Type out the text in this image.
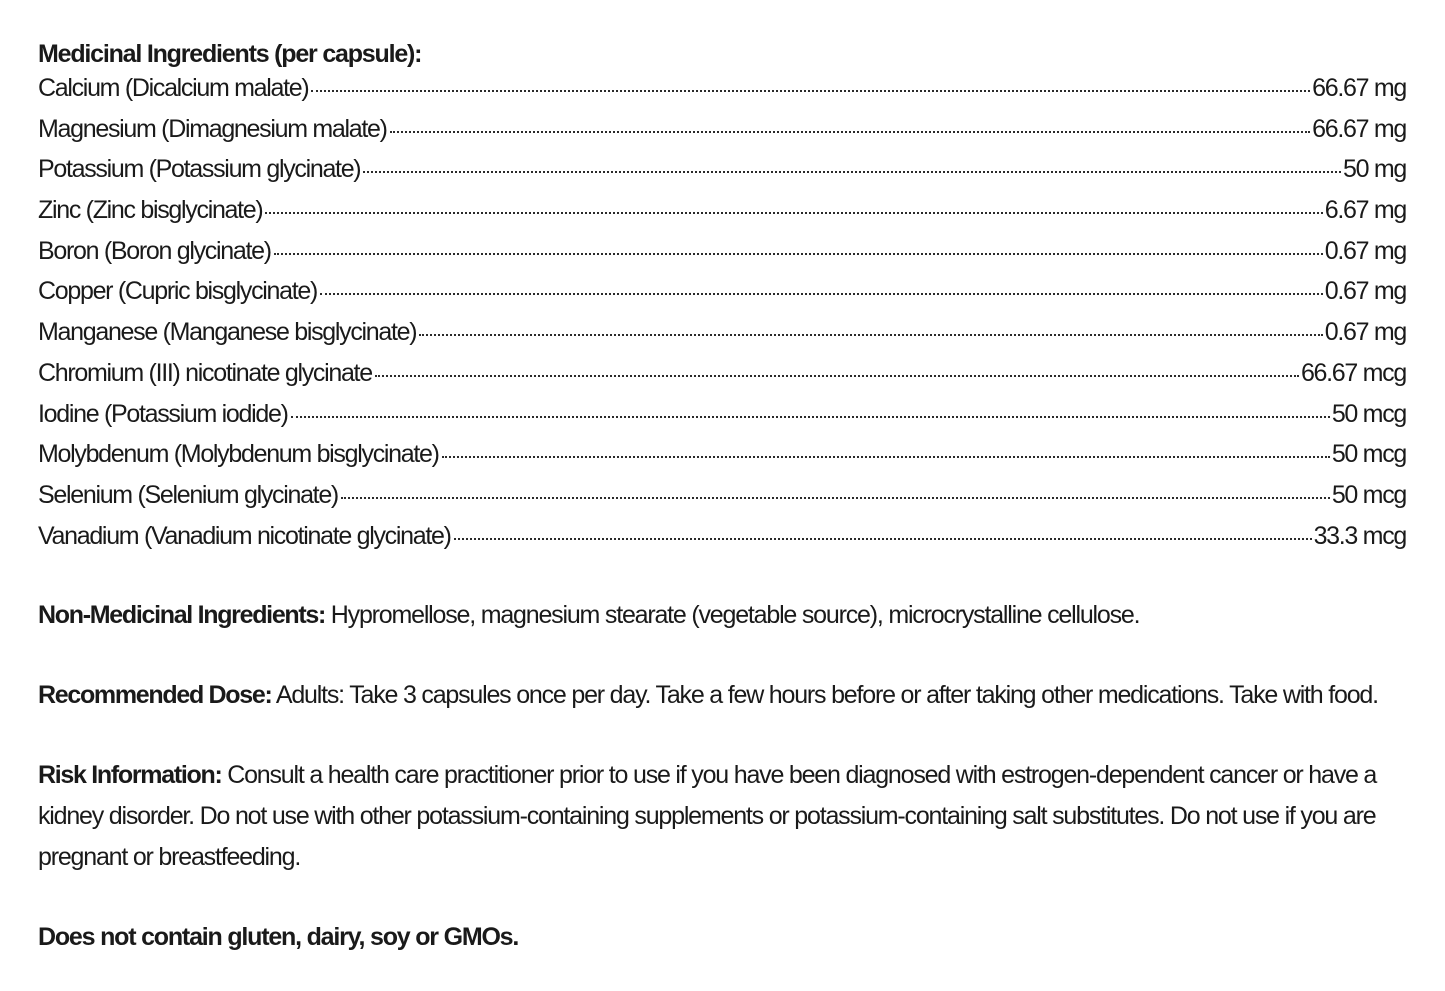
Medicinal Ingredients (per capsule):
Calcium (Dicalcium malate)	66.67 mg
Magnesium (Dimagnesium malate)	66.67 mg
Potassium (Potassium glycinate)	50 mg
Zinc (Zinc bisglycinate)	6.67 mg
Boron (Boron glycinate)	0.67 mg
Copper (Cupric bisglycinate)	0.67 mg
Manganese (Manganese bisglycinate)	0.67 mg
Chromium (III) nicotinate glycinate	66.67 mcg
Iodine (Potassium iodide)	50 mcg
Molybdenum (Molybdenum bisglycinate)	50 mcg
Selenium (Selenium glycinate)	50 mcg
Vanadium (Vanadium nicotinate glycinate)	33.3 mcg

Non-Medicinal Ingredients: Hypromellose, magnesium stearate (vegetable source), microcrystalline cellulose.

Recommended Dose: Adults: Take 3 capsules once per day. Take a few hours before or after taking other medications. Take with food.

Risk Information: Consult a health care practitioner prior to use if you have been diagnosed with estrogen-dependent cancer or have a kidney disorder. Do not use with other potassium-containing supplements or potassium-containing salt substitutes. Do not use if you are pregnant or breastfeeding.

Does not contain gluten, dairy, soy or GMOs.
